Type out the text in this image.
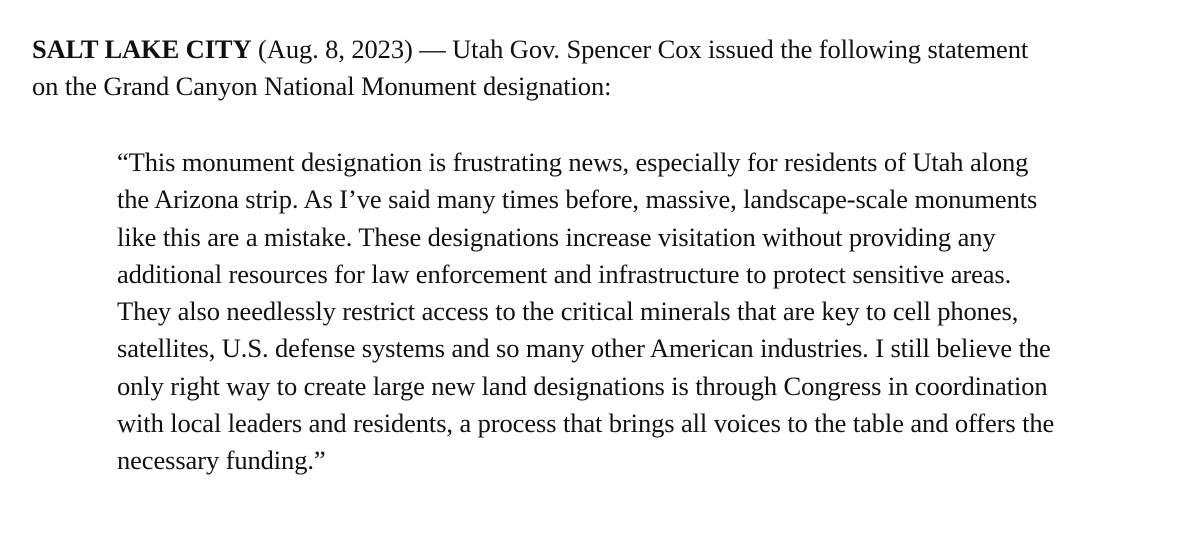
SALT LAKE CITY (Aug. 8, 2023) — Utah Gov. Spencer Cox issued the following statement
on the Grand Canyon National Monument designation:

“This monument designation is frustrating news, especially for residents of Utah along
the Arizona strip. As I’ve said many times before, massive, landscape-scale monuments
like this are a mistake. These designations increase visitation without providing any
additional resources for law enforcement and infrastructure to protect sensitive areas.
They also needlessly restrict access to the critical minerals that are key to cell phones,
satellites, U.S. defense systems and so many other American industries. I still believe the
only right way to create large new land designations is through Congress in coordination
with local leaders and residents, a process that brings all voices to the table and offers the
necessary funding.”
